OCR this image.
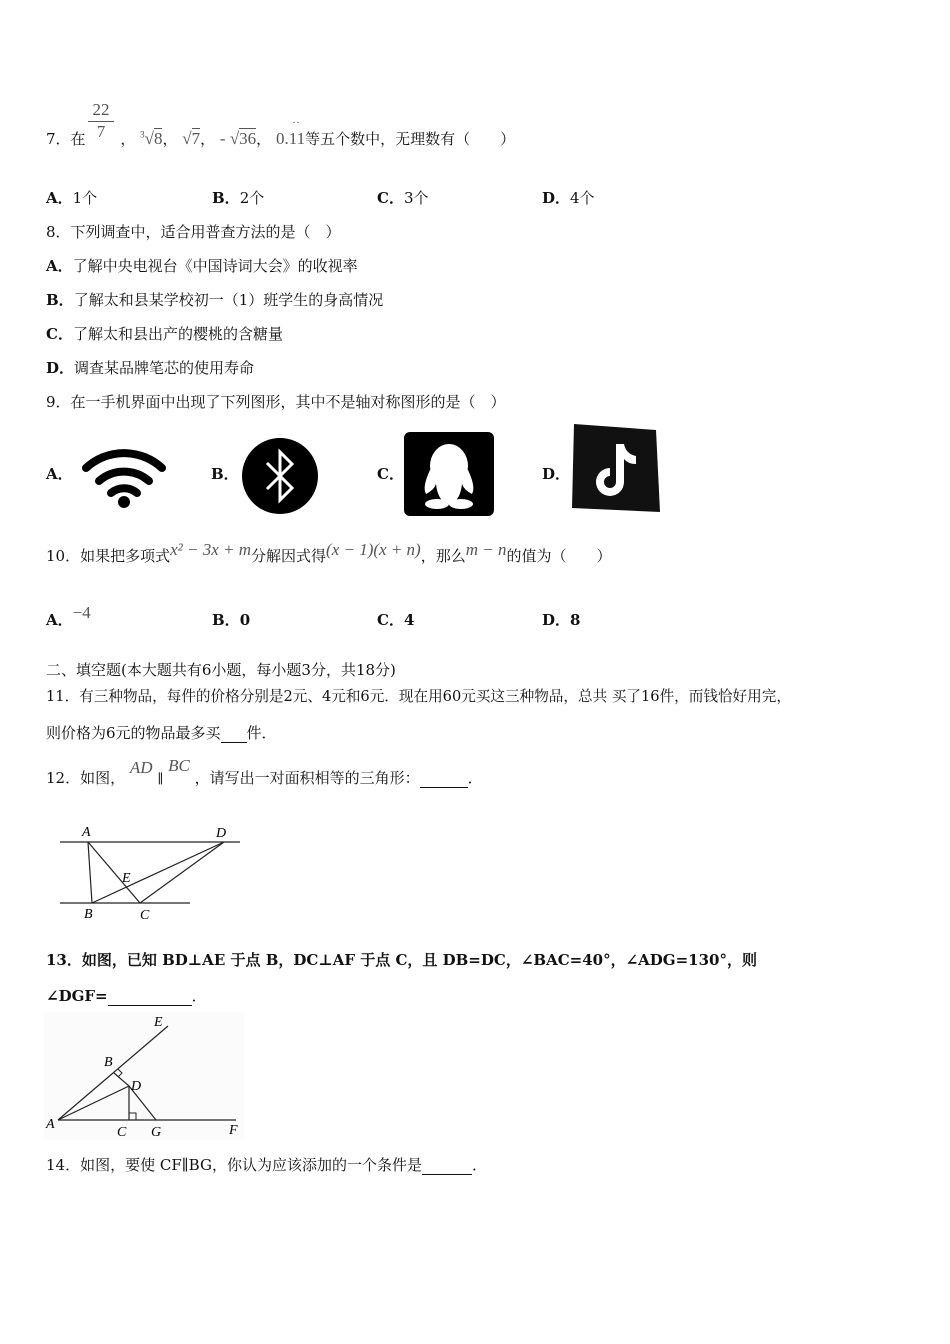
22
7
7．在 ， $^3$√8， √7， - √36， 0.11
··
等五个数中，无理数有（　　）
A．1个	B．2个	C．3个	D．4个
8．下列调查中，适合用普查方法的是（　）
A．了解中央电视台《中国诗词大会》的收视率
B．了解太和县某学校初一（1）班学生的身高情况
C．了解太和县出产的樱桃的含糖量
D．调查某品牌笔芯的使用寿命
9．在一手机界面中出现了下列图形，其中不是轴对称图形的是（　）
A．	B．	C．	D．
10．如果把多项式x² − 3x + m分解因式得(x − 1)(x + n)，那么m − n的值为（　　）
A．−4	B．0	C．4	D．8
二、填空题(本大题共有6小题，每小题3分，共18分)
11．有三种物品，每件的价格分别是2元、4元和6元．现在用60元买这三种物品，总共 买了16件，而钱恰好用完，
则价格为6元的物品最多买 件．
12．如图， AD ∥ BC ，请写出一对面积相等的三角形：	．
A	D
E
B	C
13．如图，已知 BD⊥AE 于点 B，DC⊥AF 于点 C，且 DB=DC，∠BAC=40°，∠ADG=130°，则
∠DGF=	．
E
B
D
A
C G	F
14．如图，要使 CF∥BG，你认为应该添加的一个条件是	．
